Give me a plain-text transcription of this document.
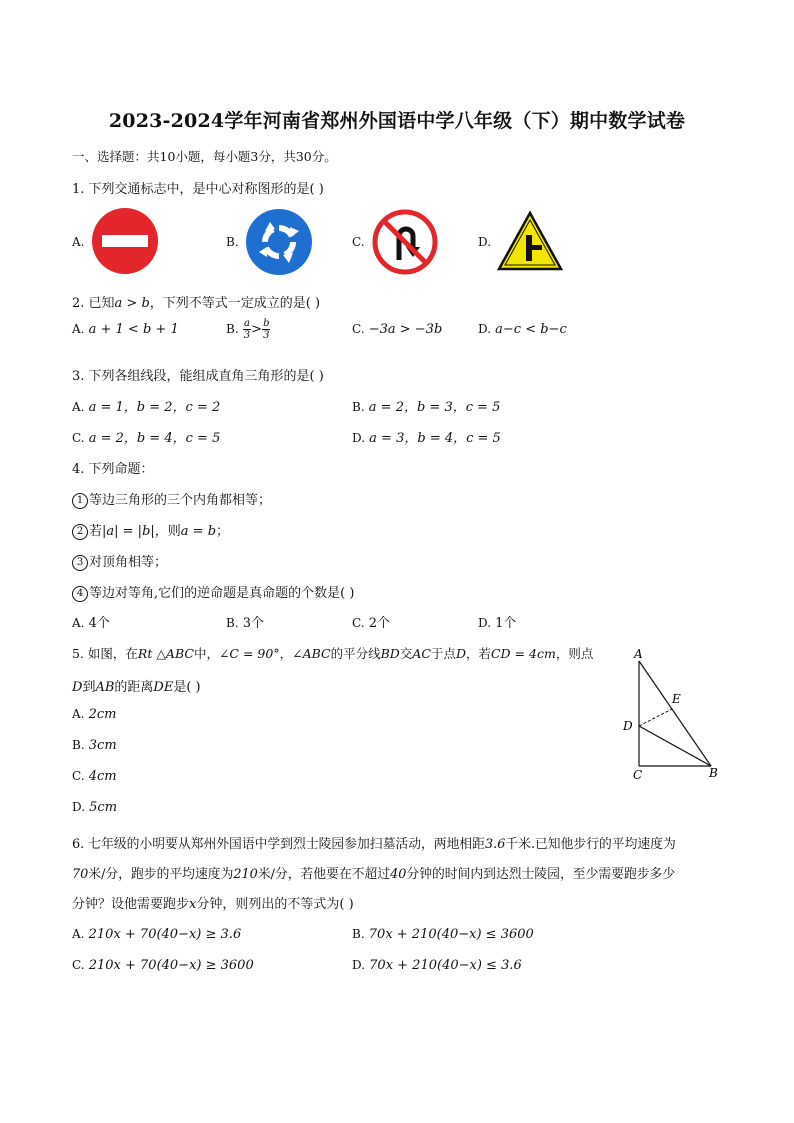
2023-2024学年河南省郑州外国语中学八年级（下）期中数学试卷
一、选择题：共10小题，每小题3分，共30分。
1. 下列交通标志中，是中心对称图形的是( )
A.	B.	C.	D.
2. 已知a > b，下列不等式一定成立的是( )
A. a + 1 < b + 1	B. $\frac{a}{3} > \frac{b}{3}$	C. −3a > −3b	D. a−c < b−c
3. 下列各组线段，能组成直角三角形的是( )
A. a = 1，b = 2，c = 2	B. a = 2，b = 3，c = 5
C. a = 2，b = 4，c = 5	D. a = 3，b = 4，c = 5
4. 下列命题：
1 等边三角形的三个内角都相等；
2 若|a| = |b|，则a = b；
3 对顶角相等；
4 等边对等角,它们的逆命题是真命题的个数是( )
A. 4个	B. 3个	C. 2个	D. 1个
5. 如图，在Rt △ABC中，∠C = 90°，∠ABC的平分线BD交AC于点D，若CD = 4cm，则点
D到AB的距离DE是( )
A. 2cm
B. 3cm
C. 4cm
D. 5cm
A
E
D
C	B
6. 七年级的小明要从郑州外国语中学到烈士陵园参加扫墓活动，两地相距3.6千米.已知他步行的平均速度为
70米/分，跑步的平均速度为210米/分，若他要在不超过40分钟的时间内到达烈士陵园，至少需要跑步多少
分钟？设他需要跑步x分钟，则列出的不等式为( )
A. 210x + 70(40−x) ≥ 3.6	B. 70x + 210(40−x) ≤ 3600
C. 210x + 70(40−x) ≥ 3600	D. 70x + 210(40−x) ≤ 3.6
